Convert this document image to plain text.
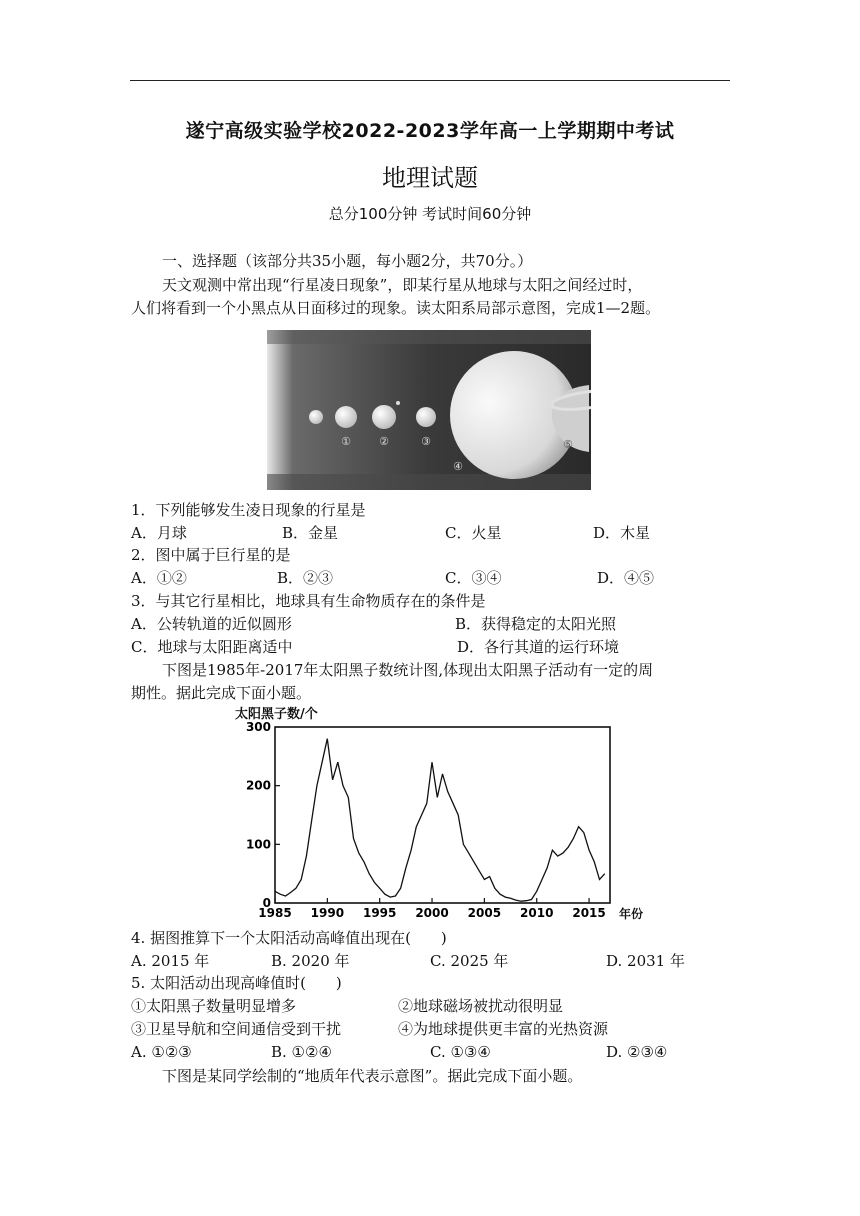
遂宁高级实验学校2022-2023学年高一上学期期中考试
地理试题
总分100分钟 考试时间60分钟
一、选择题（该部分共35小题，每小题2分，共70分。）
天文观测中常出现“行星凌日现象”，即某行星从地球与太阳之间经过时，
人们将看到一个小黑点从日面移过的现象。读太阳系局部示意图，完成1—2题。
①	②	③
④
⑤
1．下列能够发生凌日现象的行星是
A．月球	B．金星	C．火星	D．木星
2．图中属于巨行星的是
A．①②	B．②③	C．③④	D．④⑤
3．与其它行星相比，地球具有生命物质存在的条件是
A．公转轨道的近似圆形	B．获得稳定的太阳光照
C．地球与太阳距离适中	D．各行其道的运行环境
下图是1985年-2017年太阳黑子数统计图,体现出太阳黑子活动有一定的周
期性。据此完成下面小题。
太阳黑子数/个
0
100
200
300
1985 1990 1995 2000 2005 2010 2015 年份
4. 据图推算下一个太阳活动高峰值出现在(　　)
A. 2015 年	B. 2020 年	C. 2025 年	D. 2031 年
5. 太阳活动出现高峰值时(　　)
①太阳黑子数量明显增多	②地球磁场被扰动很明显
③卫星导航和空间通信受到干扰	④为地球提供更丰富的光热资源
A. ①②③	B. ①②④	C. ①③④	D. ②③④
下图是某同学绘制的“地质年代表示意图”。据此完成下面小题。
